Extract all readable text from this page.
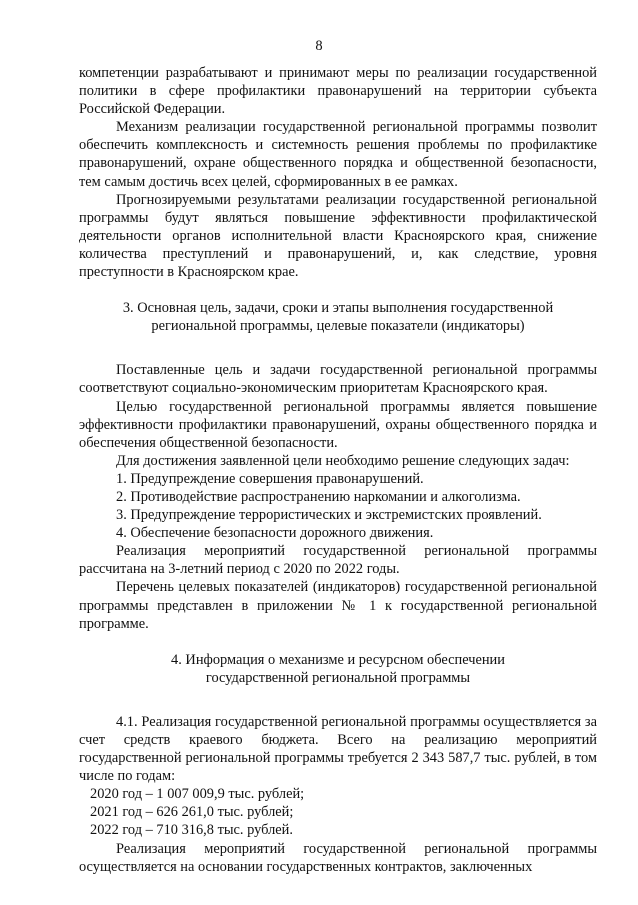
8

компетенции разрабатывают и принимают меры по реализации государственной политики в сфере профилактики правонарушений на территории субъекта Российской Федерации.

Механизм реализации государственной региональной программы позволит обеспечить комплексность и системность решения проблемы по профилактике правонарушений, охране общественного порядка и общественной безопасности, тем самым достичь всех целей, сформированных в ее рамках.

Прогнозируемыми результатами реализации государственной региональной программы будут являться повышение эффективности профилактической деятельности органов исполнительной власти Красноярского края, снижение количества преступлений и правонарушений, и, как следствие, уровня преступности в Красноярском крае.

3. Основная цель, задачи, сроки и этапы выполнения государственной

региональной программы, целевые показатели (индикаторы)

Поставленные цель и задачи государственной региональной программы соответствуют социально-экономическим приоритетам Красноярского края.

Целью государственной региональной программы является повышение эффективности профилактики правонарушений, охраны общественного порядка и обеспечения общественной безопасности.

Для достижения заявленной цели необходимо решение следующих задач:

1. Предупреждение совершения правонарушений.

2. Противодействие распространению наркомании и алкоголизма.

3. Предупреждение террористических и экстремистских проявлений.

4. Обеспечение безопасности дорожного движения.

Реализация мероприятий государственной региональной программы рассчитана на 3-летний период с 2020 по 2022 годы.

Перечень целевых показателей (индикаторов) государственной региональной программы представлен в приложении № 1 к государственной региональной программе.

4. Информация о механизме и ресурсном обеспечении

государственной региональной программы

4.1. Реализация государственной региональной программы осуществляется за счет средств краевого бюджета. Всего на реализацию мероприятий государственной региональной программы требуется 2 343 587,7 тыс. рублей, в том числе по годам:

2020 год – 1 007 009,9 тыс. рублей;

2021 год – 626 261,0 тыс. рублей;

2022 год – 710 316,8 тыс. рублей.

Реализация мероприятий государственной региональной программы осуществляется на основании государственных контрактов, заключенных
